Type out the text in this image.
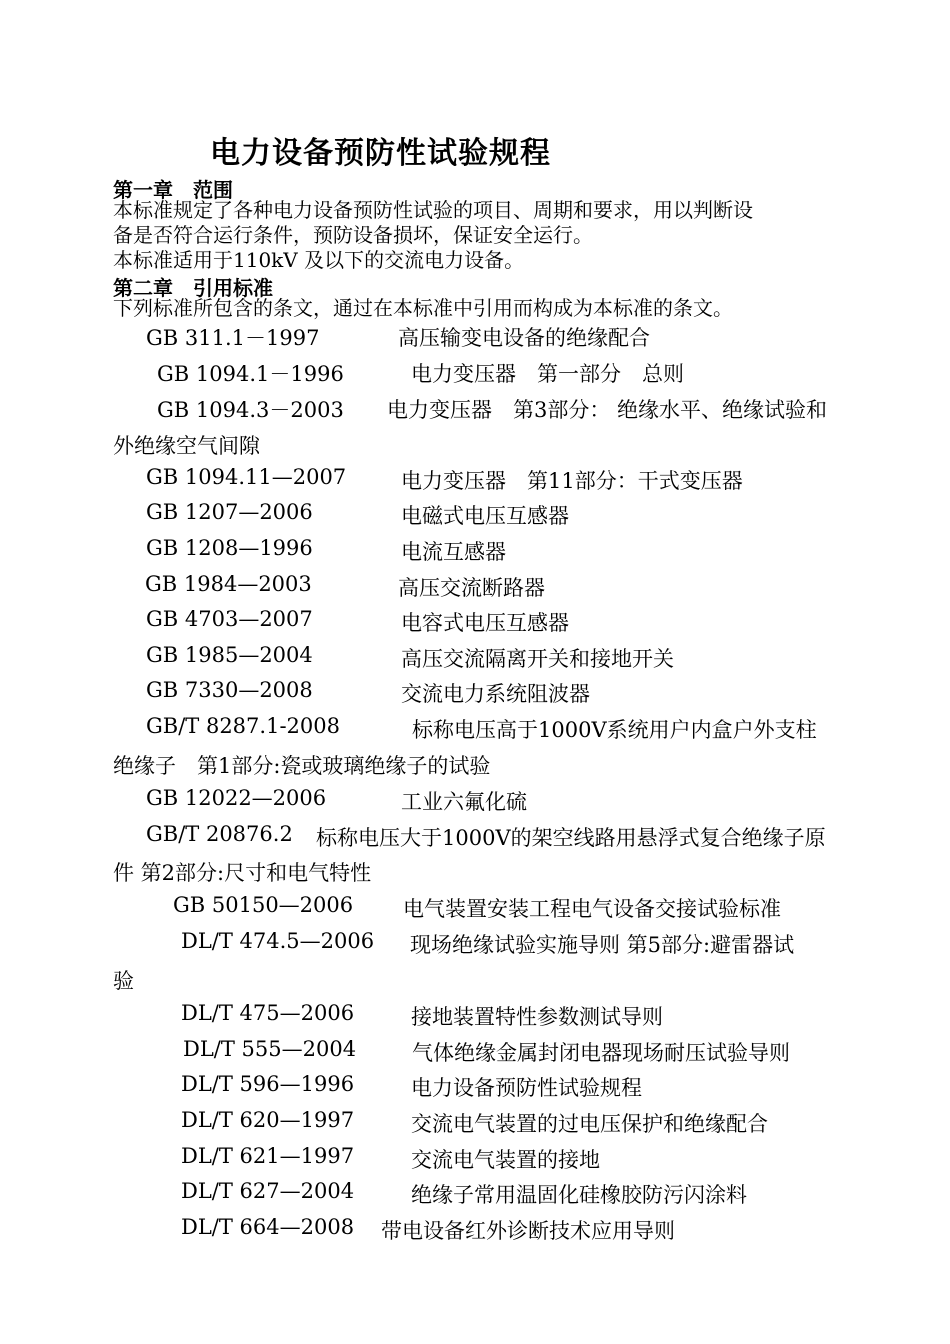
电力设备预防性试验规程
第一章　范围
本标准规定了各种电力设备预防性试验的项目、周期和要求，用以判断设
备是否符合运行条件，预防设备损坏，保证安全运行。
本标准适用于110kV 及以下的交流电力设备。
第二章　引用标准
下列标准所包含的条文，通过在本标准中引用而构成为本标准的条文。
GB 311.1－1997	高压输变电设备的绝缘配合
GB 1094.1－1996	电力变压器　第一部分　总则
GB 1094.3－2003 电力变压器　第3部分： 绝缘水平、绝缘试验和
外绝缘空气间隙
GB 1094.11—2007	电力变压器　第11部分：干式变压器
GB 1207—2006	电磁式电压互感器
GB 1208—1996	电流互感器
GB 1984—2003	高压交流断路器
GB 4703—2007	电容式电压互感器
GB 1985—2004	高压交流隔离开关和接地开关
GB 7330—2008	交流电力系统阻波器
GB/T 8287.1-2008	标称电压高于1000V系统用户内盒户外支柱
绝缘子　第1部分:瓷或玻璃绝缘子的试验
GB 12022—2006	工业六氟化硫
GB/T 20876.2 标称电压大于1000V的架空线路用悬浮式复合绝缘子原
件 第2部分:尺寸和电气特性
GB 50150—2006 电气装置安装工程电气设备交接试验标准
DL/T 474.5—2006 现场绝缘试验实施导则 第5部分:避雷器试
验
DL/T 475—2006	接地装置特性参数测试导则
DL/T 555—2004	气体绝缘金属封闭电器现场耐压试验导则
DL/T 596—1996	电力设备预防性试验规程
DL/T 620—1997	交流电气装置的过电压保护和绝缘配合
DL/T 621—1997	交流电气装置的接地
DL/T 627—2004	绝缘子常用温固化硅橡胶防污闪涂料
DL/T 664—2008 带电设备红外诊断技术应用导则
